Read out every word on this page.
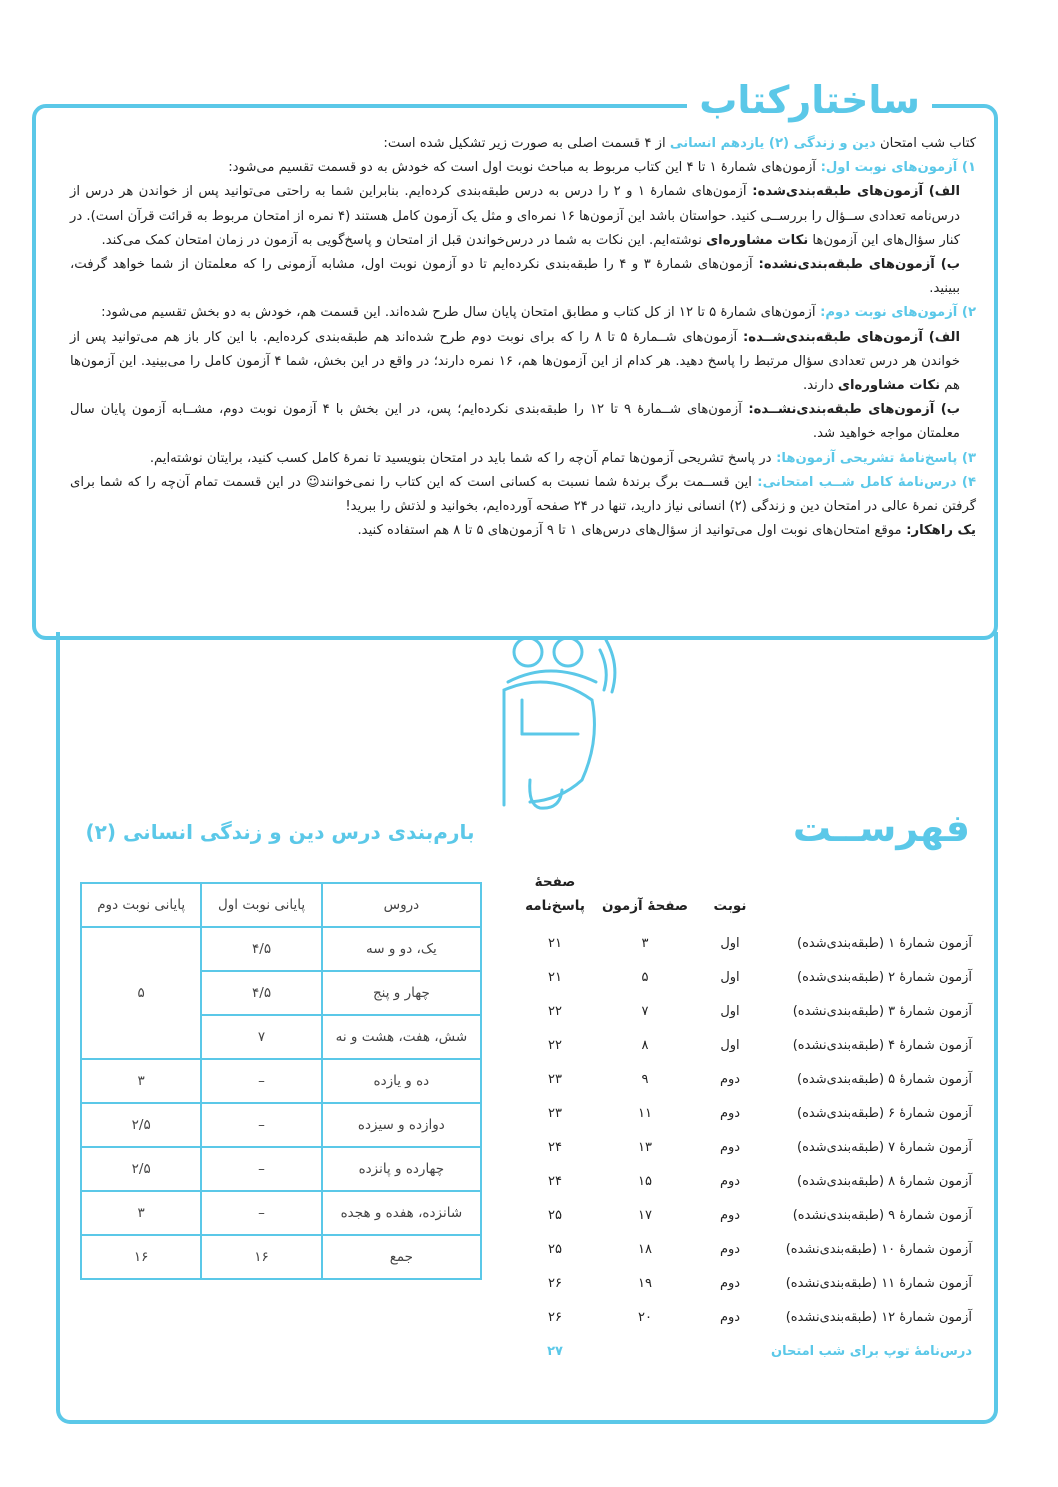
ساختارکتاب

کتاب شب امتحان دین و زندگی (۲) یازدهم انسانی از ۴ قسمت اصلی به صورت زیر تشکیل شده است:

۱) آزمون‌های نوبت اول: آزمون‌های شمارهٔ ۱ تا ۴ این کتاب مربوط به مباحث نوبت اول است که خودش به دو قسمت تقسیم می‌شود:

الف) آزمون‌های طبقه‌بندی‌شده: آزمون‌های شمارهٔ ۱ و ۲ را درس به درس طبقه‌بندی کرده‌ایم. بنابراین شما به راحتی می‌توانید پس از خواندن هر درس از درس‌نامه تعدادی ســؤال را بررســی کنید. حواستان باشد این آزمون‌ها ۱۶ نمره‌ای و مثل یک آزمون کامل هستند (۴ نمره از امتحان مربوط به قرائت قرآن است). در کنار سؤال‌های این آزمون‌ها نکات مشاوره‌ای نوشته‌ایم. این نکات به شما در درس‌خواندن قبل از امتحان و پاسخ‌گویی به آزمون در زمان امتحان کمک می‌کند.

ب) آزمون‌های طبقه‌بندی‌نشده: آزمون‌های شمارهٔ ۳ و ۴ را طبقه‌بندی نکرده‌ایم تا دو آزمون نوبت اول، مشابه آزمونی را که معلمتان از شما خواهد گرفت، ببینید.

۲) آزمون‌های نوبت دوم: آزمون‌های شمارهٔ ۵ تا ۱۲ از کل کتاب و مطابق امتحان پایان سال طرح شده‌اند. این قسمت هم، خودش به دو بخش تقسیم می‌شود:

الف) آزمون‌های طبقه‌بندی‌شــده: آزمون‌های شــمارهٔ ۵ تا ۸ را که برای نوبت دوم طرح شده‌اند هم طبقه‌بندی کرده‌ایم. با این کار باز هم می‌توانید پس از خواندن هر درس تعدادی سؤال مرتبط را پاسخ دهید. هر کدام از این آزمون‌ها هم، ۱۶ نمره دارند؛ در واقع در این بخش، شما ۴ آزمون کامل را می‌بینید. این آزمون‌ها هم نکات مشاوره‌ای دارند.

ب) آزمون‌های طبقه‌بندی‌نشــده: آزمون‌های شــمارهٔ ۹ تا ۱۲ را طبقه‌بندی نکرده‌ایم؛ پس، در این بخش با ۴ آزمون نوبت دوم، مشــابه آزمون پایان سال معلمتان مواجه خواهید شد.

۳) پاسخ‌نامهٔ تشریحی آزمون‌ها: در پاسخ تشریحی آزمون‌ها تمام آن‌چه را که شما باید در امتحان بنویسید تا نمرهٔ کامل کسب کنید، برایتان نوشته‌ایم.

۴) درس‌نامهٔ کامل شــب امتحانی: این قســمت برگ برندهٔ شما نسبت به کسانی است که این کتاب را نمی‌خوانند☺ در این قسمت تمام آن‌چه را که شما برای گرفتن نمرهٔ عالی در امتحان دین و زندگی (۲) انسانی نیاز دارید، تنها در ۲۴ صفحه آورده‌ایم، بخوانید و لذتش را ببرید!

یک راهکار: موقع امتحان‌های نوبت اول می‌توانید از سؤال‌های درس‌های ۱ تا ۹ آزمون‌های ۵ تا ۸ هم استفاده کنید.

فهرســت
	نوبت	صفحهٔ آزمون	صفحهٔ پاسخ‌نامه
آزمون شمارهٔ ۱ (طبقه‌بندی‌شده)	اول	۳	۲۱
آزمون شمارهٔ ۲ (طبقه‌بندی‌شده)	اول	۵	۲۱
آزمون شمارهٔ ۳ (طبقه‌بندی‌نشده)	اول	۷	۲۲
آزمون شمارهٔ ۴ (طبقه‌بندی‌نشده)	اول	۸	۲۲
آزمون شمارهٔ ۵ (طبقه‌بندی‌شده)	دوم	۹	۲۳
آزمون شمارهٔ ۶ (طبقه‌بندی‌شده)	دوم	۱۱	۲۳
آزمون شمارهٔ ۷ (طبقه‌بندی‌شده)	دوم	۱۳	۲۴
آزمون شمارهٔ ۸ (طبقه‌بندی‌شده)	دوم	۱۵	۲۴
آزمون شمارهٔ ۹ (طبقه‌بندی‌نشده)	دوم	۱۷	۲۵
آزمون شمارهٔ ۱۰ (طبقه‌بندی‌نشده)	دوم	۱۸	۲۵
آزمون شمارهٔ ۱۱ (طبقه‌بندی‌نشده)	دوم	۱۹	۲۶
آزمون شمارهٔ ۱۲ (طبقه‌بندی‌نشده)	دوم	۲۰	۲۶
درس‌نامهٔ توپ برای شب امتحان			۲۷
بارم‌بندی درس دین و زندگی انسانی (۲)
دروس	پایانی نوبت اول	پایانی نوبت دوم
یک، دو و سه	۴/۵	۵
چهار و پنج	۴/۵	
شش، هفت، هشت و نه	۷	
ده و یازده	–	۳
دوازده و سیزده	–	۲/۵
چهارده و پانزده	–	۲/۵
شانزده، هفده و هجده	–	۳
جمع	۱۶	۱۶
